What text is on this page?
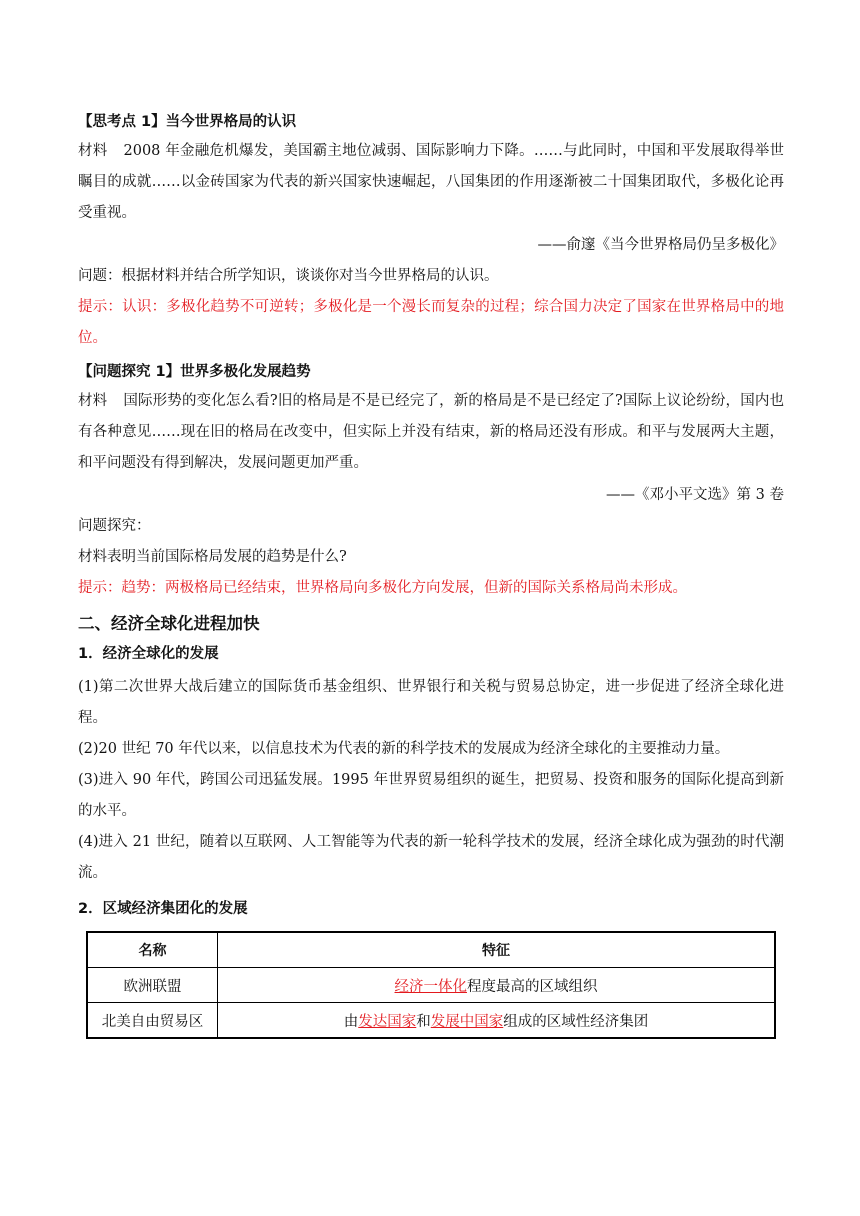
【思考点 1】当今世界格局的认识

材料 2008 年金融危机爆发，美国霸主地位减弱、国际影响力下降。……与此同时，中国和平发展取得举世瞩目的成就……以金砖国家为代表的新兴国家快速崛起，八国集团的作用逐渐被二十国集团取代，多极化论再受重视。

——俞邃《当今世界格局仍呈多极化》

问题：根据材料并结合所学知识，谈谈你对当今世界格局的认识。

提示：认识：多极化趋势不可逆转；多极化是一个漫长而复杂的过程；综合国力决定了国家在世界格局中的地位。

【问题探究 1】世界多极化发展趋势

材料 国际形势的变化怎么看?旧的格局是不是已经完了，新的格局是不是已经定了?国际上议论纷纷，国内也有各种意见……现在旧的格局在改变中，但实际上并没有结束，新的格局还没有形成。和平与发展两大主题，和平问题没有得到解决，发展问题更加严重。

——《邓小平文选》第 3 卷

问题探究：

材料表明当前国际格局发展的趋势是什么?

提示：趋势：两极格局已经结束，世界格局向多极化方向发展，但新的国际关系格局尚未形成。

二、经济全球化进程加快

1．经济全球化的发展

(1)第二次世界大战后建立的国际货币基金组织、世界银行和关税与贸易总协定，进一步促进了经济全球化进程。

(2)20 世纪 70 年代以来，以信息技术为代表的新的科学技术的发展成为经济全球化的主要推动力量。

(3)进入 90 年代，跨国公司迅猛发展。1995 年世界贸易组织的诞生，把贸易、投资和服务的国际化提高到新的水平。

(4)进入 21 世纪，随着以互联网、人工智能等为代表的新一轮科学技术的发展，经济全球化成为强劲的时代潮流。

2．区域经济集团化的发展

名称	特征
欧洲联盟	经济一体化程度最高的区域组织
北美自由贸易区	由发达国家和发展中国家组成的区域性经济集团
